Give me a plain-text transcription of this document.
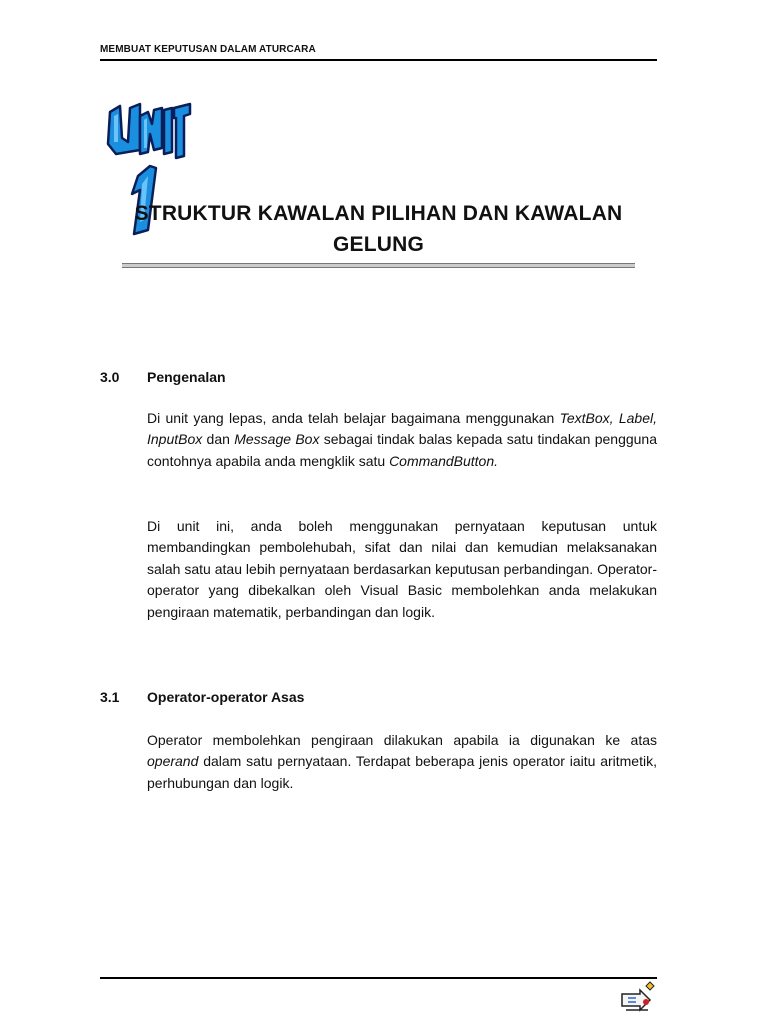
MEMBUAT KEPUTUSAN DALAM ATURCARA
STRUKTUR KAWALAN PILIHAN DAN KAWALAN
GELUNG
3.0 Pengenalan
Di unit yang lepas, anda telah belajar bagaimana menggunakan TextBox, Label, InputBox dan Message Box sebagai tindak balas kepada satu tindakan pengguna contohnya apabila anda mengklik satu CommandButton.
Di unit ini, anda boleh menggunakan pernyataan keputusan untuk membandingkan pembolehubah, sifat dan nilai dan kemudian melaksanakan salah satu atau lebih pernyataan berdasarkan keputusan perbandingan. Operator-operator yang dibekalkan oleh Visual Basic membolehkan anda melakukan pengiraan matematik, perbandingan dan logik.
3.1 Operator-operator Asas
Operator membolehkan pengiraan dilakukan apabila ia digunakan ke atas operand dalam satu pernyataan. Terdapat beberapa jenis operator iaitu aritmetik, perhubungan dan logik.
